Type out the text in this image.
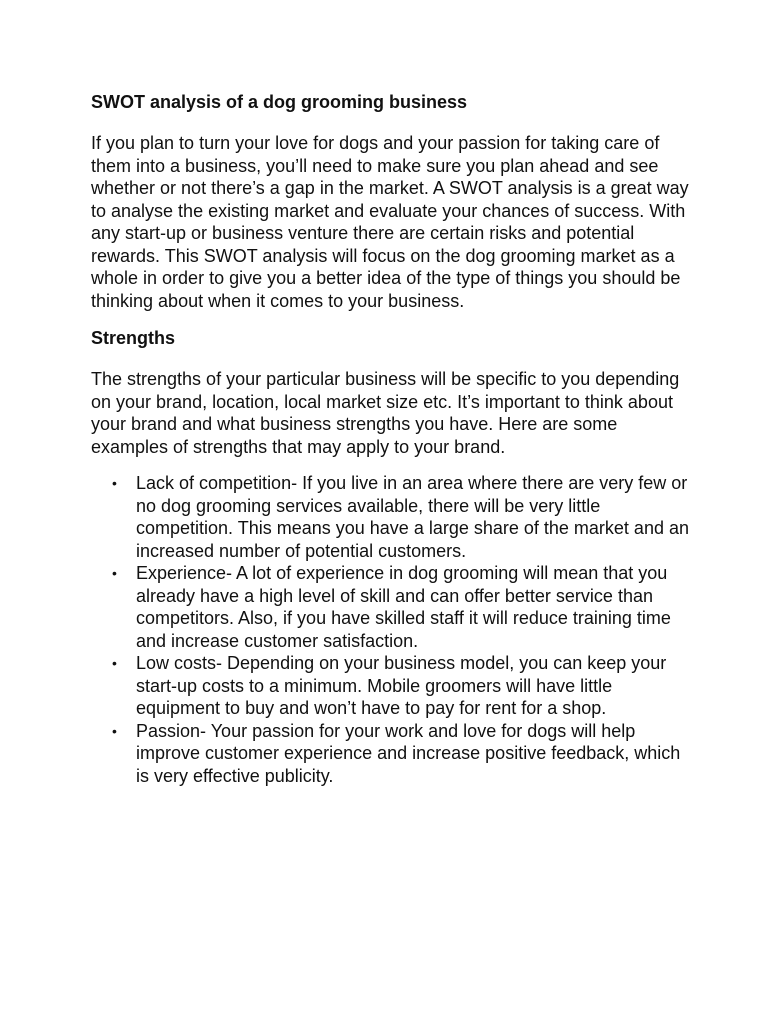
SWOT analysis of a dog grooming business

If you plan to turn your love for dogs and your passion for taking care of them into a business, you’ll need to make sure you plan ahead and see whether or not there’s a gap in the market. A SWOT analysis is a great way to analyse the existing market and evaluate your chances of success. With any start-up or business venture there are certain risks and potential rewards. This SWOT analysis will focus on the dog grooming market as a whole in order to give you a better idea of the type of things you should be thinking about when it comes to your business.

Strengths

The strengths of your particular business will be specific to you depending on your brand, location, local market size etc. It’s important to think about your brand and what business strengths you have. Here are some examples of strengths that may apply to your brand.

• Lack of competition- If you live in an area where there are very few or no dog grooming services available, there will be very little competition. This means you have a large share of the market and an increased number of potential customers.
• Experience- A lot of experience in dog grooming will mean that you already have a high level of skill and can offer better service than competitors. Also, if you have skilled staff it will reduce training time and increase customer satisfaction.
• Low costs- Depending on your business model, you can keep your start-up costs to a minimum. Mobile groomers will have little equipment to buy and won’t have to pay for rent for a shop.
• Passion- Your passion for your work and love for dogs will help improve customer experience and increase positive feedback, which is very effective publicity.
